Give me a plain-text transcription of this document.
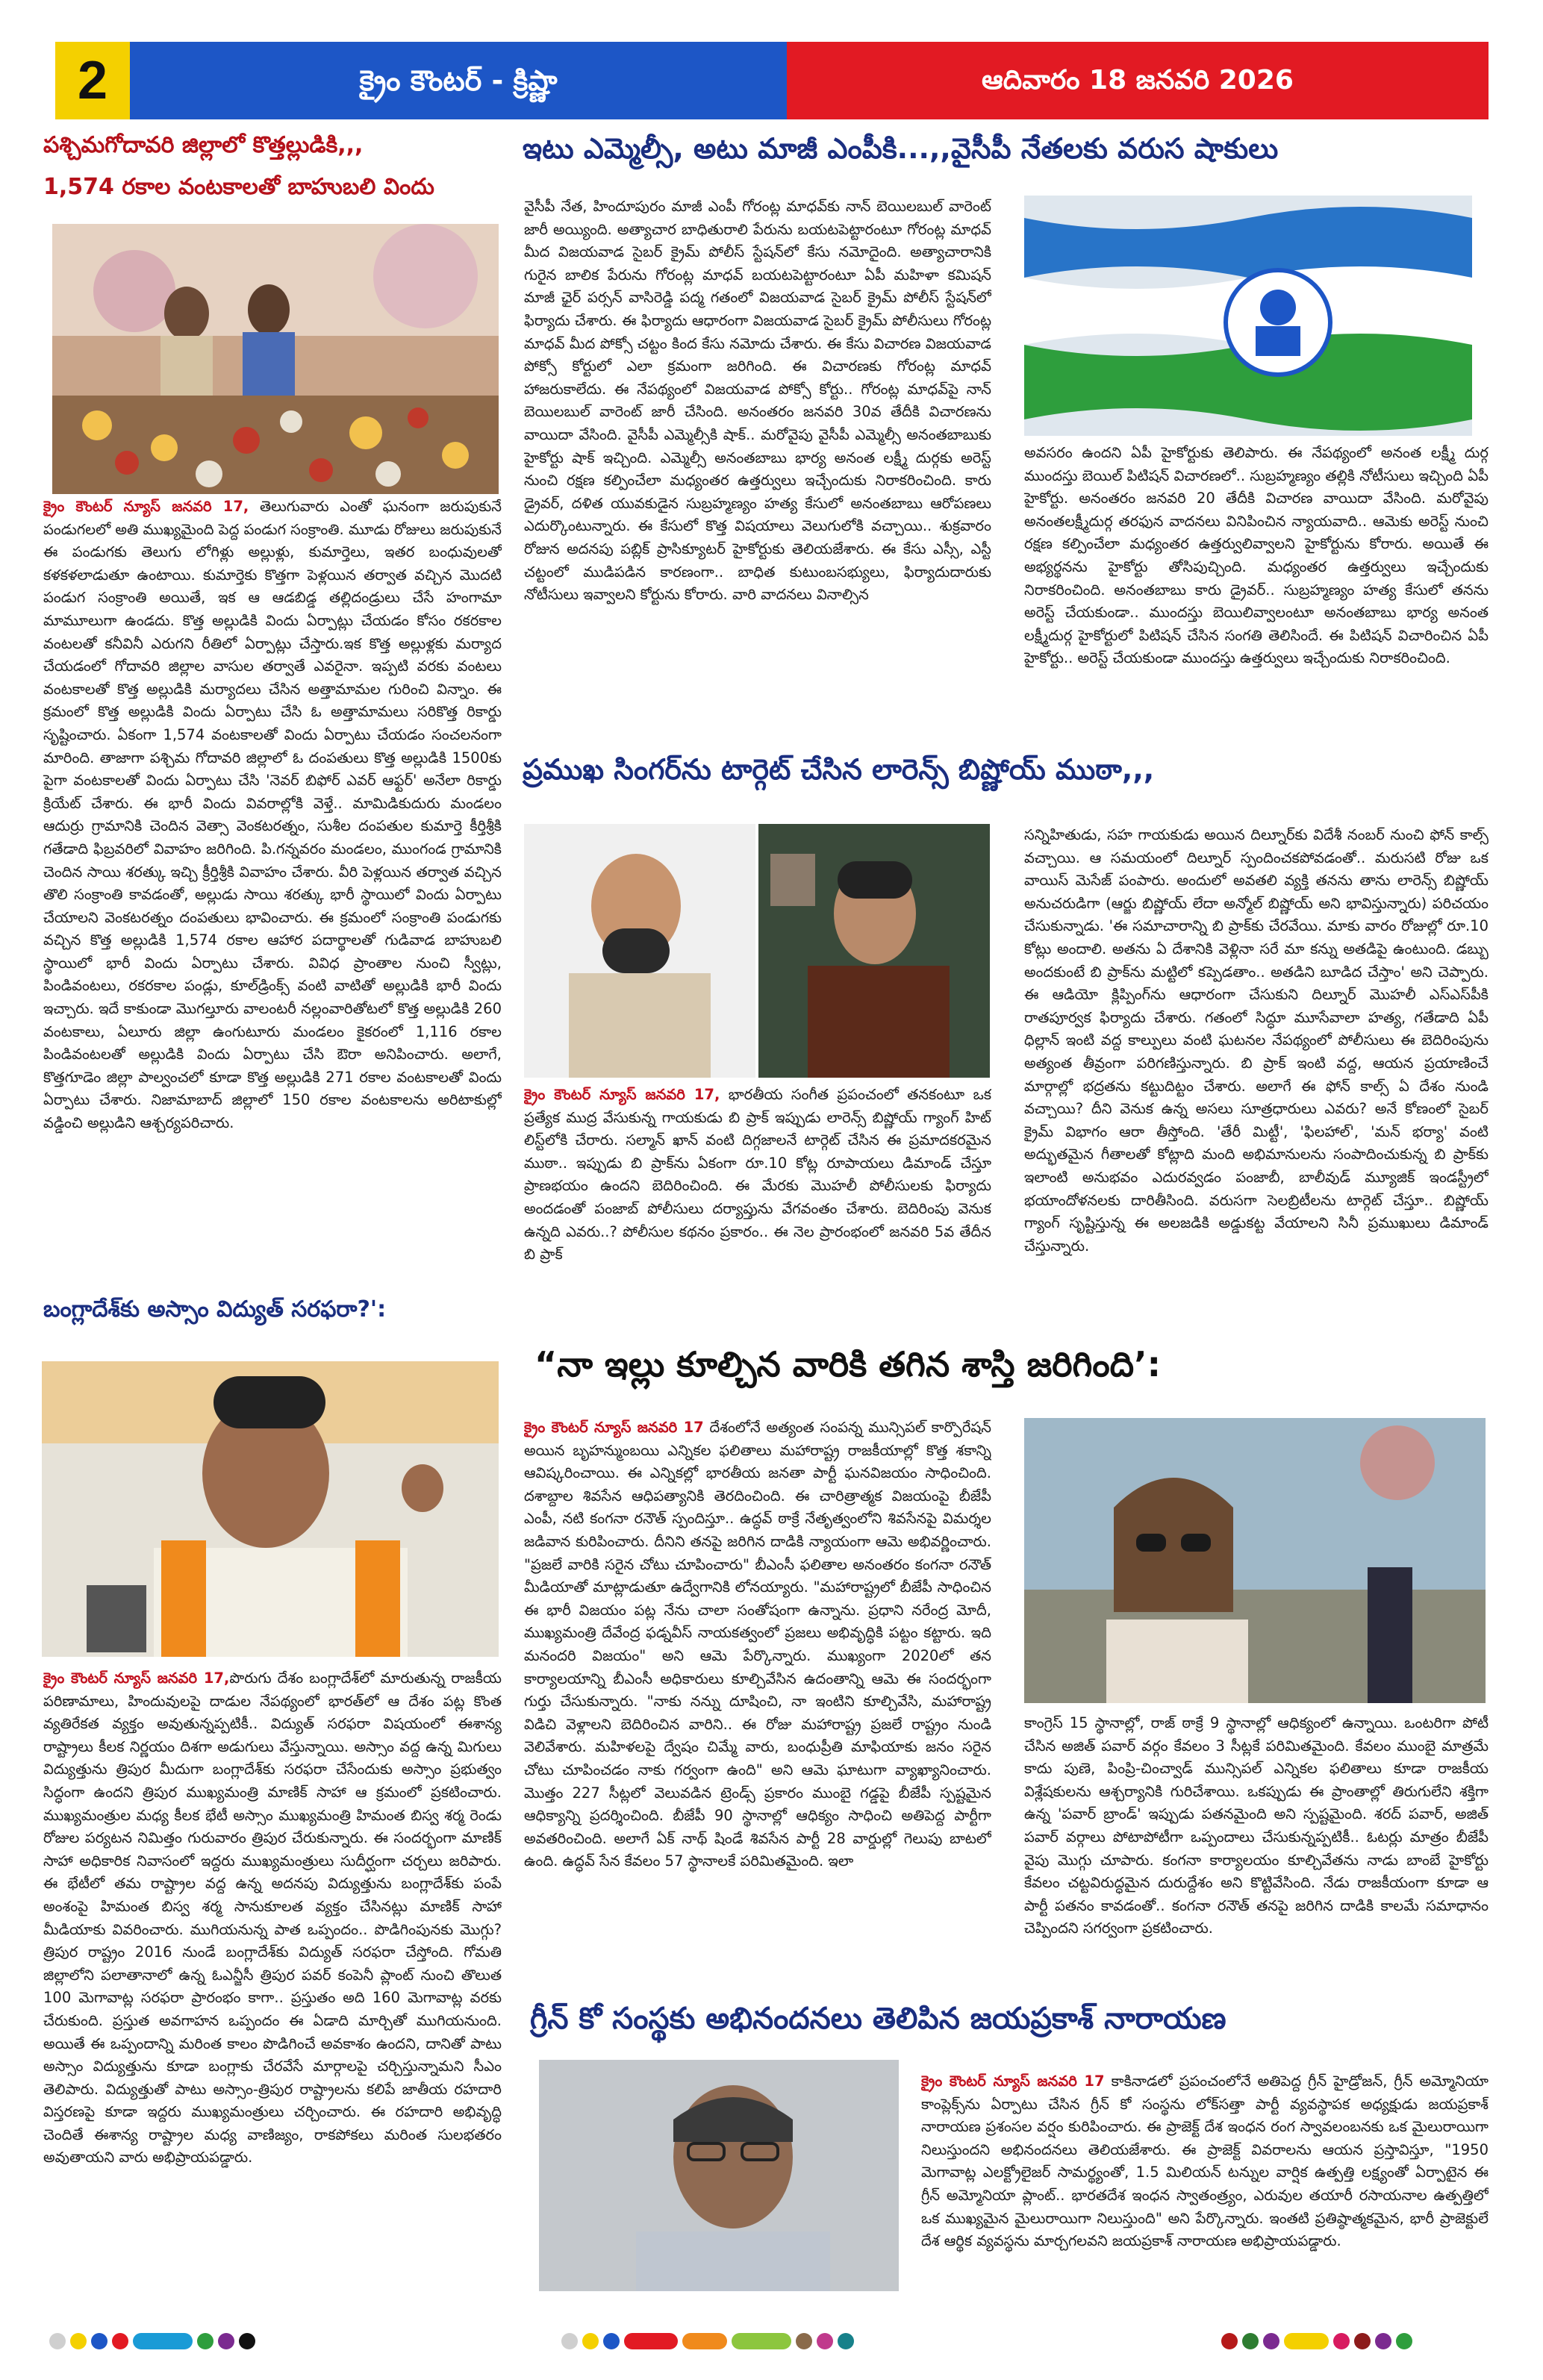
2	క్రైం కౌంటర్ - క్రిష్ణా	ఆదివారం 18 జనవరి 2026
పశ్చిమగోదావరి జిల్లాలో కొత్తల్లుడికి,,,
1,574 రకాల వంటకాలతో బాహుబలి విందు

క్రైం కౌంటర్ న్యూస్ జనవరి 17, తెలుగువారు ఎంతో ఘనంగా జరుపుకునే పండుగలలో అతి ముఖ్యమైంది పెద్ద పండుగ సంక్రాంతి. మూడు రోజులు జరుపుకునే ఈ పండుగకు తెలుగు లోగిళ్లు అల్లుళ్లు, కుమార్తెలు, ఇతర బంధువులతో కళకళలాడుతూ ఉంటాయి. కుమార్తెకు కొత్తగా పెళ్లయిన తర్వాత వచ్చిన మొదటి పండుగ సంక్రాంతి అయితే, ఇక ఆ ఆడబిడ్డ తల్లిదండ్రులు చేసే హంగామా మామూలుగా ఉండదు. కొత్త అల్లుడికి విందు ఏర్పాట్లు చేయడం కోసం రకరకాల వంటలతో కనీవినీ ఎరుగని రీతిలో ఏర్పాట్లు చేస్తారు.ఇక కొత్త అల్లుళ్లకు మర్యాద చేయడంలో గోదావరి జిల్లాల వాసుల తర్వాతే ఎవరైనా. ఇప్పటి వరకు వంటలు వంటకాలతో కొత్త అల్లుడికి మర్యాదలు చేసిన అత్తామామల గురించి విన్నాం. ఈ క్రమంలో కొత్త అల్లుడికి విందు ఏర్పాటు చేసి ఓ అత్తామామలు సరికొత్త రికార్డు సృష్టించారు. ఏకంగా 1,574 వంటకాలతో విందు ఏర్పాటు చేయడం సంచలనంగా మారింది. తాజాగా పశ్చిమ గోదావరి జిల్లాలో ఓ దంపతులు కొత్త అల్లుడికి 1500కు పైగా వంటకాలతో విందు ఏర్పాటు చేసి 'నెవర్ బిఫోర్ ఎవర్ ఆఫ్టర్' అనేలా రికార్డు క్రియేట్ చేశారు. ఈ భారీ విందు వివరాల్లోకి వెళ్తే.. మామిడికుదురు మండలం ఆదుర్రు గ్రామానికి చెందిన వెత్సా వెంకటరత్నం, సుశీల దంపతుల కుమార్తె కీర్తిశ్రీకి గతేడాది ఫిబ్రవరిలో వివాహం జరిగింది. పి.గన్నవరం మండలం, ముంగండ గ్రామానికి చెందిన సాయి శరత్కు ఇచ్చి క్రీర్తిశ్రీకి వివాహం చేశారు. వీరి పెళ్లయిన తర్వాత వచ్చిన తొలి సంక్రాంతి కావడంతో, అల్లుడు సాయి శరత్కు భారీ స్థాయిలో విందు ఏర్పాటు చేయాలని వెంకటరత్నం దంపతులు భావించారు. ఈ క్రమంలో సంక్రాంతి పండుగకు వచ్చిన కొత్త అల్లుడికి 1,574 రకాల ఆహార పదార్థాలతో గుడివాడ బాహుబలి స్థాయిలో భారీ విందు ఏర్పాటు చేశారు. వివిధ ప్రాంతాల నుంచి స్వీట్లు, పిండివంటలు, రకరకాల పండ్లు, కూల్‌డ్రింక్స్ వంటి వాటితో అల్లుడికి భారీ విందు ఇచ్చారు. ఇదే కాకుండా మొగల్తూరు వాలంటరీ నల్లంవారితోటలో కొత్త అల్లుడికి 260 వంటకాలు, ఏలూరు జిల్లా ఉంగుటూరు మండలం కైకరంలో 1,116 రకాల పిండివంటలతో అల్లుడికి విందు ఏర్పాటు చేసి ఔరా అనిపించారు. అలాగే, కొత్తగూడెం జిల్లా పాల్వంచలో కూడా కొత్త అల్లుడికి 271 రకాల వంటకాలతో విందు ఏర్పాటు చేశారు. నిజామాబాద్ జిల్లాలో 150 రకాల వంటకాలను అరిటాకుల్లో వడ్డించి అల్లుడిని ఆశ్చర్యపరిచారు.

బంగ్లాదేశ్‌కు అస్సాం విద్యుత్ సరఫరా?':

క్రైం కౌంటర్ న్యూస్ జనవరి 17,పొరుగు దేశం బంగ్లాదేశ్‌లో మారుతున్న రాజకీయ పరిణామాలు, హిందువులపై దాడుల నేపథ్యంలో భారత్‌లో ఆ దేశం పట్ల కొంత వ్యతిరేకత వ్యక్తం అవుతున్నప్పటికీ.. విద్యుత్ సరఫరా విషయంలో ఈశాన్య రాష్ట్రాలు కీలక నిర్ణయం దిశగా అడుగులు వేస్తున్నాయి. అస్సాం వద్ద ఉన్న మిగులు విద్యుత్తును త్రిపుర మీదుగా బంగ్లాదేశ్‌కు సరఫరా చేసేందుకు అస్సాం ప్రభుత్వం సిద్ధంగా ఉందని త్రిపుర ముఖ్యమంత్రి మాణిక్ సాహా ఆ క్రమంలో ప్రకటించారు. ముఖ్యమంత్రుల మధ్య కీలక భేటీ అస్సాం ముఖ్యమంత్రి హిమంత బిస్వ శర్మ రెండు రోజుల పర్యటన నిమిత్తం గురువారం త్రిపుర చేరుకున్నారు. ఈ సందర్భంగా మాణిక్ సాహా అధికారిక నివాసంలో ఇద్దరు ముఖ్యమంత్రులు సుదీర్ఘంగా చర్చలు జరిపారు. ఈ భేటీలో తమ రాష్ట్రాల వద్ద ఉన్న అదనపు విద్యుత్తును బంగ్లాదేశ్‌కు పంపే అంశంపై హిమంత బిస్వ శర్మ సానుకూలత వ్యక్తం చేసినట్లు మాణిక్ సాహా మీడియాకు వివరించారు. ముగియనున్న పాత ఒప్పందం.. పొడిగింపునకు మొగ్గు? త్రిపుర రాష్ట్రం 2016 నుండే బంగ్లాదేశ్‌కు విద్యుత్ సరఫరా చేస్తోంది. గోమతి జిల్లాలోని పలాతానాలో ఉన్న ఓఎన్జీసీ త్రిపుర పవర్ కంపెనీ ప్లాంట్ నుంచి తొలుత 100 మెగావాట్ల సరఫరా ప్రారంభం కాగా.. ప్రస్తుతం అది 160 మెగావాట్ల వరకు చేరుకుంది. ప్రస్తుత అవగాహన ఒప్పందం ఈ ఏడాది మార్చితో ముగియనుంది. అయితే ఈ ఒప్పందాన్ని మరింత కాలం పొడిగించే అవకాశం ఉందని, దానితో పాటు అస్సాం విద్యుత్తును కూడా బంగ్లాకు చేరవేసే మార్గాలపై చర్చిస్తున్నామని సీఎం తెలిపారు. విద్యుత్తుతో పాటు అస్సాం-త్రిపుర రాష్ట్రాలను కలిపే జాతీయ రహదారి విస్తరణపై కూడా ఇద్దరు ముఖ్యమంత్రులు చర్చించారు. ఈ రహదారి అభివృద్ధి చెందితే ఈశాన్య రాష్ట్రాల మధ్య వాణిజ్యం, రాకపోకలు మరింత సులభతరం అవుతాయని వారు అభిప్రాయపడ్డారు.

ఇటు ఎమ్మెల్సీ, అటు మాజీ ఎంపీకి...,,వైసీపీ నేతలకు వరుస షాకులు
వైసీపీ నేత, హిందూపురం మాజీ ఎంపీ గోరంట్ల మాధవ్‌కు నాన్ బెయిలబుల్ వారెంట్ జారీ అయ్యింది. అత్యాచార బాధితురాలి పేరును బయటపెట్టారంటూ గోరంట్ల మాధవ్ మీద విజయవాడ సైబర్ క్రైమ్ పోలీస్ స్టేషన్‌లో కేసు నమోదైంది. అత్యాచారానికి గురైన బాలిక పేరును గోరంట్ల మాధవ్ బయటపెట్టారంటూ ఏపీ మహిళా కమిషన్ మాజీ ఛైర్ పర్సన్ వాసిరెడ్డి పద్మ గతంలో విజయవాడ సైబర్ క్రైమ్ పోలీస్ స్టేషన్‌లో ఫిర్యాదు చేశారు. ఈ ఫిర్యాదు ఆధారంగా విజయవాడ సైబర్ క్రైమ్ పోలీసులు గోరంట్ల మాధవ్ మీద పోక్సో చట్టం కింద కేసు నమోదు చేశారు. ఈ కేసు విచారణ విజయవాడ పోక్సో కోర్టులో ఎలా క్రమంగా జరిగింది. ఈ విచారణకు గోరంట్ల మాధవ్ హాజరుకాలేదు. ఈ నేపథ్యంలో విజయవాడ పోక్సో కోర్టు.. గోరంట్ల మాధవ్‌పై నాన్ బెయిలబుల్ వారెంట్ జారీ చేసింది. అనంతరం జనవరి 30వ తేదీకి విచారణను వాయిదా వేసింది. వైసీపీ ఎమ్మెల్సీకి షాక్.. మరోవైపు వైసీపీ ఎమ్మెల్సీ అనంతబాబుకు హైకోర్టు షాక్ ఇచ్చింది. ఎమ్మెల్సీ అనంతబాబు భార్య అనంత లక్ష్మీ దుర్గకు అరెస్ట్ నుంచి రక్షణ కల్పించేలా మధ్యంతర ఉత్తర్వులు ఇచ్చేందుకు నిరాకరించింది. కారు డ్రైవర్, దళిత యువకుడైన సుబ్రహ్మణ్యం హత్య కేసులో అనంతబాబు ఆరోపణలు ఎదుర్కొంటున్నారు. ఈ కేసులో కొత్త విషయాలు వెలుగులోకి వచ్చాయి.. శుక్రవారం రోజున అదనపు పబ్లిక్ ప్రాసిక్యూటర్ హైకోర్టుకు తెలియజేశారు. ఈ కేసు ఎస్సీ, ఎస్టీ చట్టంలో ముడిపడిన కారణంగా.. బాధిత కుటుంబసభ్యులు, ఫిర్యాదుదారుకు నోటీసులు ఇవ్వాలని కోర్టును కోరారు. వారి వాదనలు వినాల్సిన
అవసరం ఉందని ఏపీ హైకోర్టుకు తెలిపారు. ఈ నేపథ్యంలో అనంత లక్ష్మీ దుర్గ ముందస్తు బెయిల్ పిటిషన్ విచారణలో.. సుబ్రహ్మణ్యం తల్లికి నోటీసులు ఇచ్చింది ఏపీ హైకోర్టు. అనంతరం జనవరి 20 తేదీకి విచారణ వాయిదా వేసింది. మరోవైపు అనంతలక్ష్మీదుర్గ తరఫున వాదనలు వినిపించిన న్యాయవాది.. ఆమెకు అరెస్ట్ నుంచి రక్షణ కల్పించేలా మధ్యంతర ఉత్తర్వులివ్వాలని హైకోర్టును కోరారు. అయితే ఈ అభ్యర్థనను హైకోర్టు తోసిపుచ్చింది. మధ్యంతర ఉత్తర్వులు ఇచ్చేందుకు నిరాకరించింది. అనంతబాబు కారు డ్రైవర్.. సుబ్రహ్మణ్యం హత్య కేసులో తనను అరెస్ట్ చేయకుండా.. ముందస్తు బెయిలివ్వాలంటూ అనంతబాబు భార్య అనంత లక్ష్మీదుర్గ హైకోర్టులో పిటిషన్ చేసిన సంగతి తెలిసిందే. ఈ పిటిషన్ విచారించిన ఏపీ హైకోర్టు.. అరెస్ట్ చేయకుండా ముందస్తు ఉత్తర్వులు ఇచ్చేందుకు నిరాకరించింది.
ప్రముఖ సింగర్‌ను టార్గెట్ చేసిన లారెన్స్ బిష్ణోయ్ ముఠా,,,

క్రైం కౌంటర్ న్యూస్ జనవరి 17, భారతీయ సంగీత ప్రపంచంలో తనకంటూ ఒక ప్రత్యేక ముద్ర వేసుకున్న గాయకుడు బి ప్రాక్ ఇప్పుడు లారెన్స్ బిష్ణోయ్ గ్యాంగ్ హిట్ లిస్ట్‌లోకి చేరారు. సల్మాన్ ఖాన్ వంటి దిగ్గజాలనే టార్గెట్ చేసిన ఈ ప్రమాదకరమైన ముఠా.. ఇప్పుడు బి ప్రాక్‌ను ఏకంగా రూ.10 కోట్ల రూపాయలు డిమాండ్ చేస్తూ ప్రాణభయం ఉందని బెదిరించింది. ఈ మేరకు మొహలీ పోలీసులకు ఫిర్యాదు అందడంతో పంజాబ్ పోలీసులు దర్యాప్తును వేగవంతం చేశారు. బెదిరింపు వెనుక ఉన్నది ఎవరు..? పోలీసుల కథనం ప్రకారం.. ఈ నెల ప్రారంభంలో జనవరి 5వ తేదీన బి ప్రాక్

సన్నిహితుడు, సహ గాయకుడు అయిన దిల్నూర్‌కు విదేశీ నంబర్ నుంచి ఫోన్ కాల్స్ వచ్చాయి. ఆ సమయంలో దిల్నూర్ స్పందించకపోవడంతో.. మరుసటి రోజు ఒక వాయిస్ మెసేజ్ పంపారు. అందులో అవతలి వ్యక్తి తనను తాను లారెన్స్ బిష్ణోయ్ అనుచరుడిగా (ఆర్జు బిష్ణోయ్ లేదా అన్మోల్ బిష్ణోయ్ అని భావిస్తున్నారు) పరిచయం చేసుకున్నాడు. 'ఈ సమాచారాన్ని బి ప్రాక్‌కు చేరవేయి. మాకు వారం రోజుల్లో రూ.10 కోట్లు అందాలి. అతను ఏ దేశానికి వెళ్లినా సరే మా కన్ను అతడిపై ఉంటుంది. డబ్బు అందకుంటే బి ప్రాక్‌ను మట్టిలో కప్పెడతాం.. అతడిని బూడిద చేస్తాం' అని చెప్పారు. ఈ ఆడియో క్లిప్పింగ్‌ను ఆధారంగా చేసుకుని దిల్నూర్ మొహలీ ఎస్‌ఎస్‌పీకి రాతపూర్వక ఫిర్యాదు చేశారు. గతంలో సిద్ధూ మూసేవాలా హత్య, గతేడాది ఏపీ ధిల్లాన్ ఇంటి వద్ద కాల్పులు వంటి ఘటనల నేపథ్యంలో పోలీసులు ఈ బెదిరింపును అత్యంత తీవ్రంగా పరిగణిస్తున్నారు. బి ప్రాక్ ఇంటి వద్ద, ఆయన ప్రయాణించే మార్గాల్లో భద్రతను కట్టుదిట్టం చేశారు. అలాగే ఈ ఫోన్ కాల్స్ ఏ దేశం నుండి వచ్చాయి? దీని వెనుక ఉన్న అసలు సూత్రధారులు ఎవరు? అనే కోణంలో సైబర్ క్రైమ్ విభాగం ఆరా తీస్తోంది. 'తేరీ మిట్టీ', 'ఫిలహాల్', 'మన్ భర్యా' వంటి అద్భుతమైన గీతాలతో కోట్లాది మంది అభిమానులను సంపాదించుకున్న బి ప్రాక్‌కు ఇలాంటి అనుభవం ఎదురవ్వడం పంజాబీ, బాలీవుడ్ మ్యూజిక్ ఇండస్ట్రీలో భయాందోళనలకు దారితీసింది. వరుసగా సెలబ్రిటీలను టార్గెట్ చేస్తూ.. బిష్ణోయ్ గ్యాంగ్ సృష్టిస్తున్న ఈ అలజడికి అడ్డుకట్ట వేయాలని సినీ ప్రముఖులు డిమాండ్ చేస్తున్నారు.
“నా ఇల్లు కూల్చిన వారికి తగిన శాస్తి జరిగింది’:

క్రైం కౌంటర్ న్యూస్ జనవరి 17 దేశంలోనే అత్యంత సంపన్న మున్సిపల్ కార్పొరేషన్ అయిన బృహన్ముంబయి ఎన్నికల ఫలితాలు మహారాష్ట్ర రాజకీయాల్లో కొత్త శకాన్ని ఆవిష్కరించాయి. ఈ ఎన్నికల్లో భారతీయ జనతా పార్టీ ఘనవిజయం సాధించింది. దశాబ్దాల శివసేన ఆధిపత్యానికి తెరదించింది. ఈ చారిత్రాత్మక విజయంపై బీజేపీ ఎంపీ, నటి కంగనా రనౌత్ స్పందిస్తూ.. ఉద్ధవ్ ఠాక్రే నేతృత్వంలోని శివసేనపై విమర్శల జడివాన కురిపించారు. దీనిని తనపై జరిగిన దాడికి న్యాయంగా ఆమె అభివర్ణించారు. "ప్రజలే వారికి సరైన చోటు చూపించారు" బీఎంసీ ఫలితాల అనంతరం కంగనా రనౌత్ మీడియాతో మాట్లాడుతూ ఉద్వేగానికి లోనయ్యారు. "మహారాష్ట్రలో బీజేపీ సాధించిన ఈ భారీ విజయం పట్ల నేను చాలా సంతోషంగా ఉన్నాను. ప్రధాని నరేంద్ర మోదీ, ముఖ్యమంత్రి దేవేంద్ర ఫడ్నవీస్ నాయకత్వంలో ప్రజలు అభివృద్ధికి పట్టం కట్టారు. ఇది మనందరి విజయం" అని ఆమె పేర్కొన్నారు. ముఖ్యంగా 2020లో తన కార్యాలయాన్ని బీఎంసీ అధికారులు కూల్చివేసిన ఉదంతాన్ని ఆమె ఈ సందర్భంగా గుర్తు చేసుకున్నారు. "నాకు నన్ను దూషించి, నా ఇంటిని కూల్చివేసి, మహారాష్ట్ర విడిచి వెళ్లాలని బెదిరించిన వారిని.. ఈ రోజు మహారాష్ట్ర ప్రజలే రాష్ట్రం నుండి వెలివేశారు. మహిళలపై ద్వేషం చిమ్మే వారు, బంధుప్రీతి మాఫియాకు జనం సరైన చోటు చూపించడం నాకు గర్వంగా ఉంది" అని ఆమె ఘాటుగా వ్యాఖ్యానించారు. మొత్తం 227 సీట్లలో వెలువడిన ట్రెండ్స్ ప్రకారం ముంబై గడ్డపై బీజేపీ స్పష్టమైన ఆధిక్యాన్ని ప్రదర్శించింది. బీజేపీ 90 స్థానాల్లో ఆధిక్యం సాధించి అతిపెద్ద పార్టీగా అవతరించింది. అలాగే ఏక్ నాథ్ షిండే శివసేన పార్టీ 28 వార్డుల్లో గెలుపు బాటలో ఉంది. ఉద్ధవ్ సేన కేవలం 57 స్థానాలకే పరిమితమైంది. ఇలా

కాంగ్రెస్ 15 స్థానాల్లో, రాజ్ ఠాక్రే 9 స్థానాల్లో ఆధిక్యంలో ఉన్నాయి. ఒంటరిగా పోటీ చేసిన అజిత్ పవార్ వర్గం కేవలం 3 సీట్లకే పరిమితమైంది. కేవలం ముంబై మాత్రమే కాదు పుణె, పింప్రి-చించ్వాడ్ మున్సిపల్ ఎన్నికల ఫలితాలు కూడా రాజకీయ విశ్లేషకులను ఆశ్చర్యానికి గురిచేశాయి. ఒకప్పుడు ఈ ప్రాంతాల్లో తిరుగులేని శక్తిగా ఉన్న 'పవార్ బ్రాండ్' ఇప్పుడు పతనమైంది అని స్పష్టమైంది. శరద్ పవార్, అజిత్ పవార్ వర్గాలు పోటాపోటీగా ఒప్పందాలు చేసుకున్నప్పటికీ.. ఓటర్లు మాత్రం బీజేపీ వైపు మొగ్గు చూపారు. కంగనా కార్యాలయం కూల్చివేతను నాడు బాంబే హైకోర్టు కేవలం చట్టవిరుద్ధమైన దురుద్దేశం అని కొట్టివేసింది. నేడు రాజకీయంగా కూడా ఆ పార్టీ పతనం కావడంతో.. కంగనా రనౌత్ తనపై జరిగిన దాడికి కాలమే సమాధానం చెప్పిందని సగర్వంగా ప్రకటించారు.
గ్రీన్ కో సంస్థకు అభినందనలు తెలిపిన జయప్రకాశ్ నారాయణ

క్రైం కౌంటర్ న్యూస్ జనవరి 17 కాకినాడలో ప్రపంచంలోనే అతిపెద్ద గ్రీన్ హైడ్రోజన్, గ్రీన్ అమ్మోనియా కాంప్లెక్స్‌ను ఏర్పాటు చేసిన గ్రీన్ కో సంస్థను లోక్‌సత్తా పార్టీ వ్యవస్థాపక అధ్యక్షుడు జయప్రకాశ్ నారాయణ ప్రశంసల వర్షం కురిపించారు. ఈ ప్రాజెక్ట్ దేశ ఇంధన రంగ స్వావలంబనకు ఒక మైలురాయిగా నిలుస్తుందని అభినందనలు తెలియజేశారు. ఈ ప్రాజెక్ట్ వివరాలను ఆయన ప్రస్తావిస్తూ, "1950 మెగావాట్ల ఎలక్ట్రోలైజర్ సామర్థ్యంతో, 1.5 మిలియన్ టన్నుల వార్షిక ఉత్పత్తి లక్ష్యంతో ఏర్పాటైన ఈ గ్రీన్ అమ్మోనియా ప్లాంట్.. భారతదేశ ఇంధన స్వాతంత్ర్యం, ఎరువుల తయారీ రసాయనాల ఉత్పత్తిలో ఒక ముఖ్యమైన మైలురాయిగా నిలుస్తుంది" అని పేర్కొన్నారు. ఇంతటి ప్రతిష్ఠాత్మకమైన, భారీ ప్రాజెక్టులే దేశ ఆర్థిక వ్యవస్థను మార్చగలవని జయప్రకాశ్ నారాయణ అభిప్రాయపడ్డారు.
